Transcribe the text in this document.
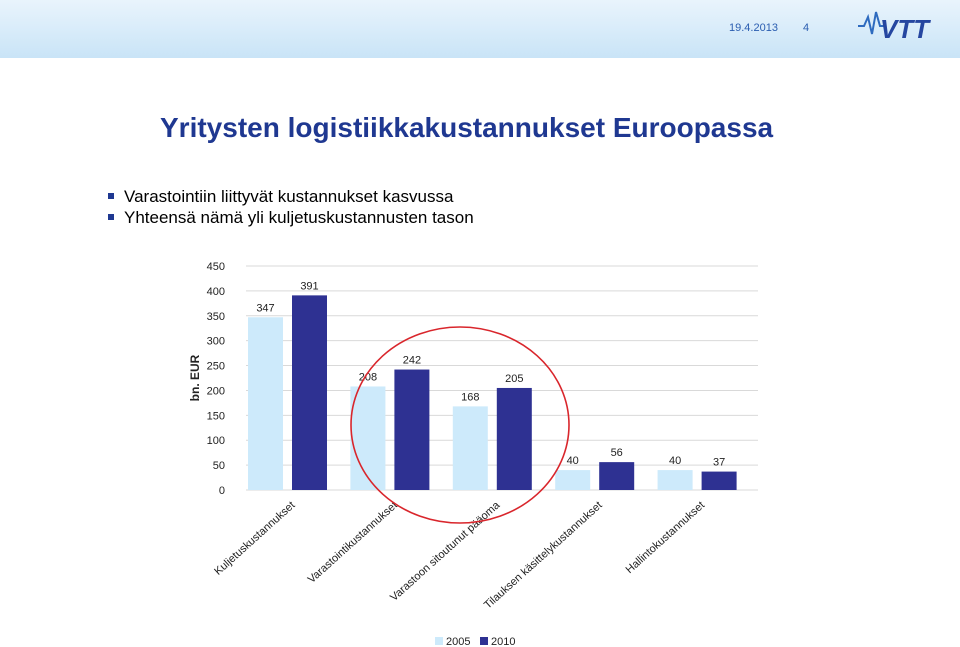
19.4.2013 4	VTT
Yritysten logistiikkakustannukset Euroopassa
Varastointiin liittyvät kustannukset kasvussa
Yhteensä nämä yli kuljetuskustannusten tason
0
50
100
150
200
250
300
350
400
450
bn. EUR
347
391
208
242
168
205
40
56
40	37
Kuljetuskustannukset Varastointikustannukset
Varastoon sitoutunut pääoma
Tilauksen käsittelykustannukset Hallintokustannukset
2005 2010
